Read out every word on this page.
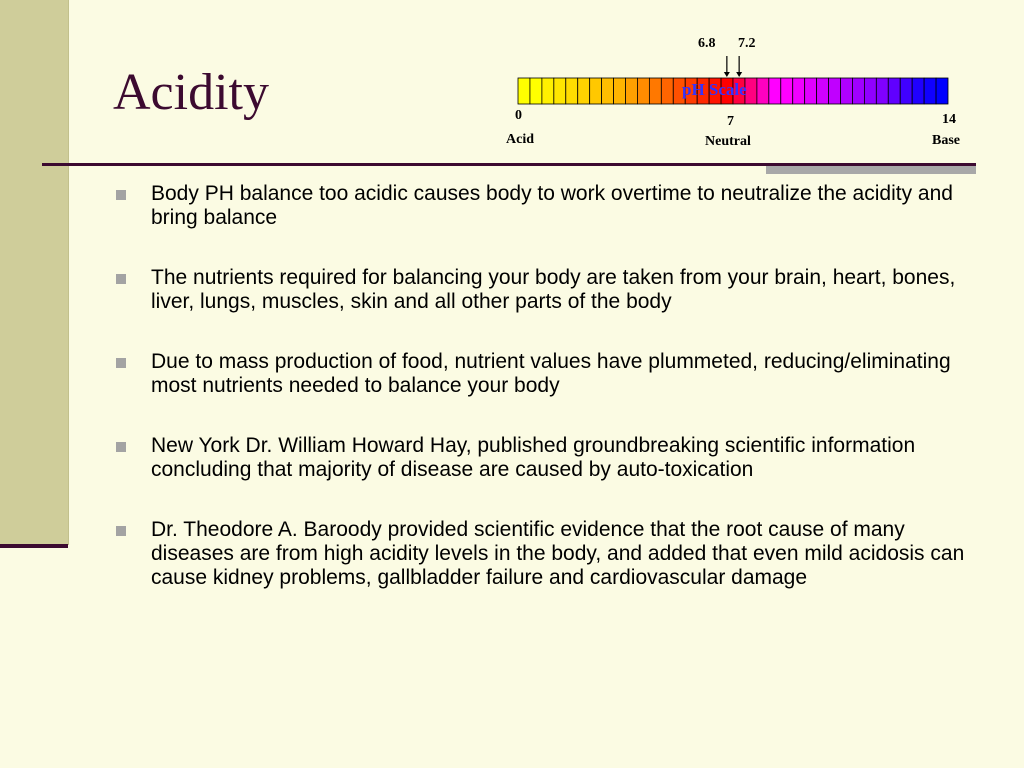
Acidity	pH Scale
6.8 7.2
0
Acid
7
Neutral
14
Base
Body PH balance too acidic causes body to work overtime to neutralize the acidity and bring balance
The nutrients required for balancing your body are taken from your brain, heart, bones, liver, lungs, muscles, skin and all other parts of the body
Due to mass production of food, nutrient values have plummeted, reducing/eliminating most nutrients needed to balance your body
New York Dr. William Howard Hay, published groundbreaking scientific information concluding that majority of disease are caused by auto-toxication
Dr. Theodore A. Baroody provided scientific evidence that the root cause of many diseases are from high acidity levels in the body, and added that even mild acidosis can cause kidney problems, gallbladder failure and cardiovascular damage
